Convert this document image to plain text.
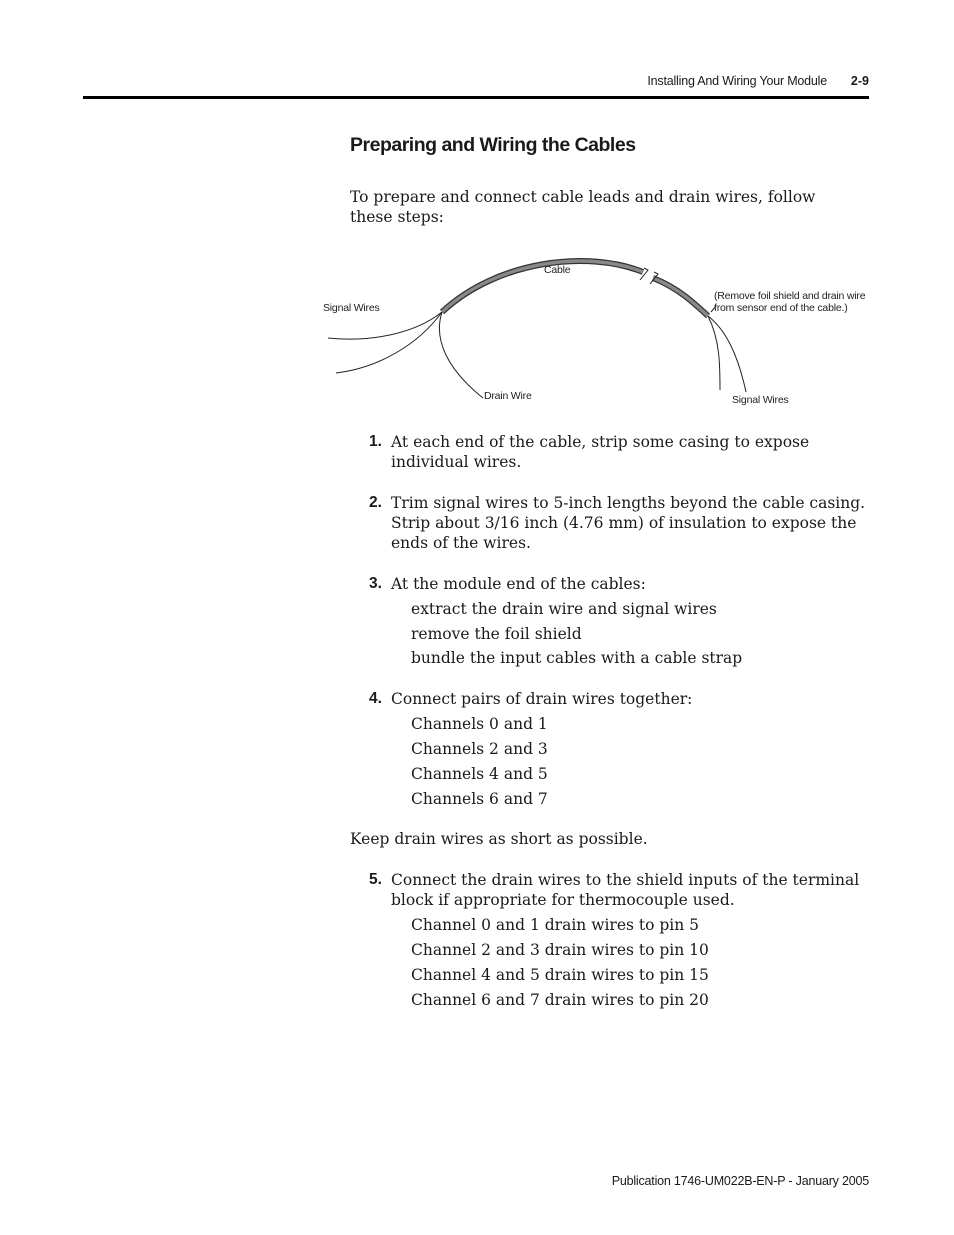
Installing And Wiring Your Module 2-9
Preparing and Wiring the Cables

To prepare and connect cable leads and drain wires, follow these steps:

Cable
Signal Wires
Drain Wire	Signal Wires
(Remove foil shield and drain wire from sensor end of the cable.)
1. At each end of the cable, strip some casing to expose individual wires.
2. Trim signal wires to 5-inch lengths beyond the cable casing. Strip about 3/16 inch (4.76 mm) of insulation to expose the ends of the wires.
3. At the module end of the cables:
extract the drain wire and signal wires
remove the foil shield
bundle the input cables with a cable strap
4. Connect pairs of drain wires together:
Channels 0 and 1
Channels 2 and 3
Channels 4 and 5
Channels 6 and 7
Keep drain wires as short as possible.
5. Connect the drain wires to the shield inputs of the terminal block if appropriate for thermocouple used.
Channel 0 and 1 drain wires to pin 5
Channel 2 and 3 drain wires to pin 10
Channel 4 and 5 drain wires to pin 15
Channel 6 and 7 drain wires to pin 20
Publication 1746-UM022B-EN-P - January 2005
